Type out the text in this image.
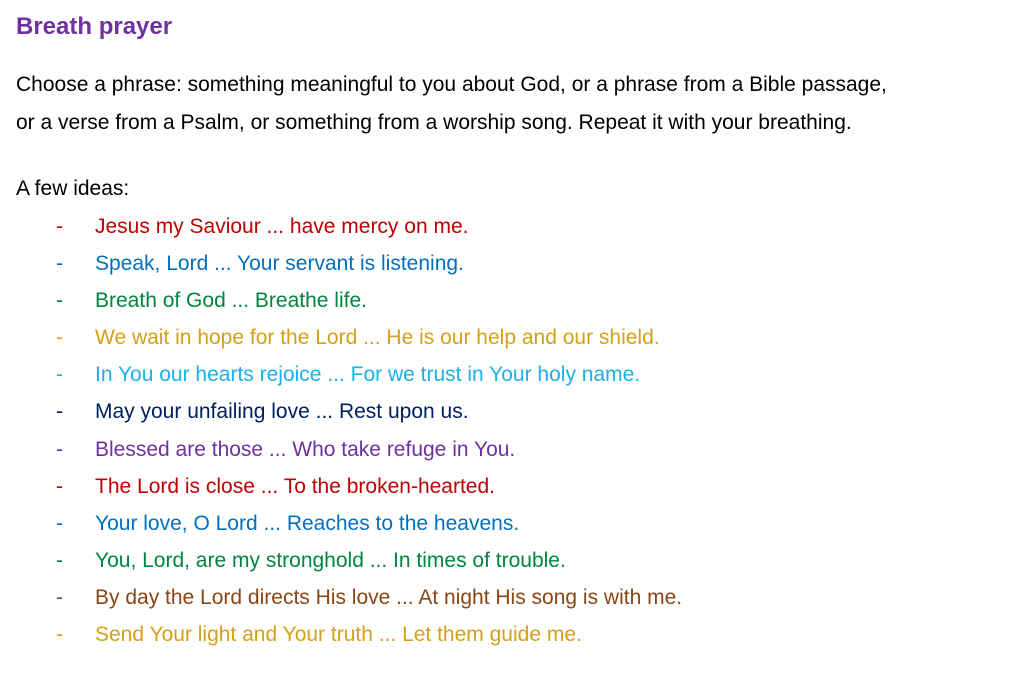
Breath prayer

Choose a phrase: something meaningful to you about God, or a phrase from a Bible passage,
or a verse from a Psalm, or something from a worship song. Repeat it with your breathing.

A few ideas:

-	Jesus my Saviour ... have mercy on me.
-	Speak, Lord ... Your servant is listening.
-	Breath of God ... Breathe life.
-	We wait in hope for the Lord ... He is our help and our shield.
-	In You our hearts rejoice ... For we trust in Your holy name.
-	May your unfailing love ... Rest upon us.
-	Blessed are those ... Who take refuge in You.
-	The Lord is close ... To the broken-hearted.
-	Your love, O Lord ... Reaches to the heavens.
-	You, Lord, are my stronghold ... In times of trouble.
-	By day the Lord directs His love ... At night His song is with me.
-	Send Your light and Your truth ... Let them guide me.
